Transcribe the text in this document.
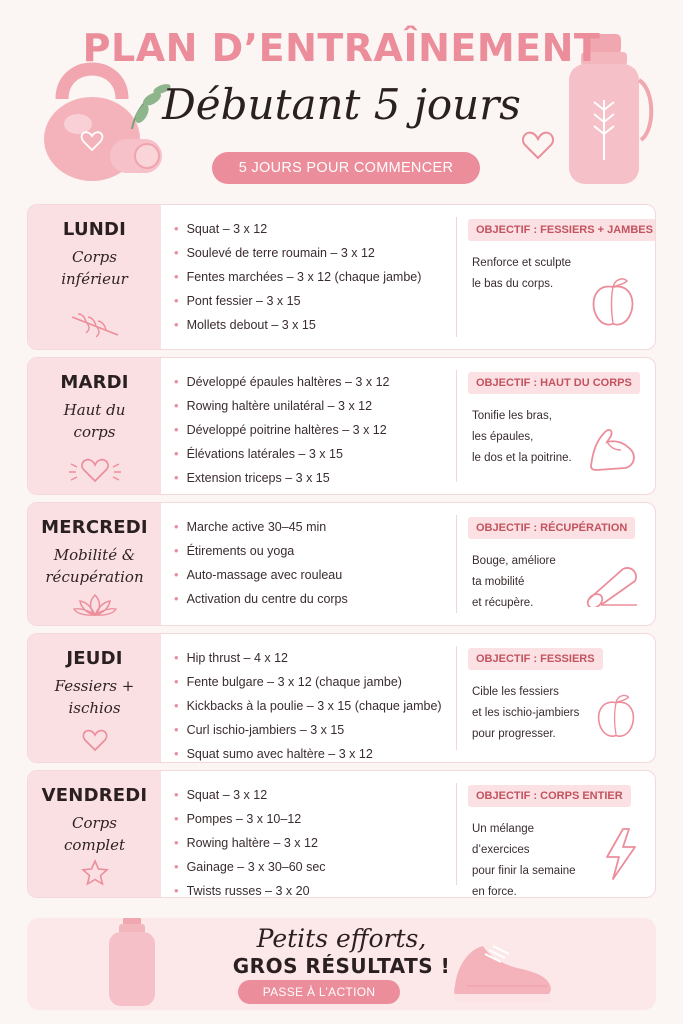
PLAN D’ENTRAÎNEMENT
Débutant 5 jours
5 JOURS POUR COMMENCER
LUNDI
Corps
inférieur
• Squat – 3 x 12
• Soulevé de terre roumain – 3 x 12
• Fentes marchées – 3 x 12 (chaque jambe)
• Pont fessier – 3 x 15
• Mollets debout – 3 x 15
OBJECTIF : FESSIERS + JAMBES
Renforce et sculpte
le bas du corps.
MARDI
Haut du
corps
• Développé épaules haltères – 3 x 12
• Rowing haltère unilatéral – 3 x 12
• Développé poitrine haltères – 3 x 12
• Élévations latérales – 3 x 15
• Extension triceps – 3 x 15
OBJECTIF : HAUT DU CORPS
Tonifie les bras,
les épaules,
le dos et la poitrine.
MERCREDI
Mobilité &
récupération
• Marche active 30–45 min
• Étirements ou yoga
• Auto-massage avec rouleau
• Activation du centre du corps
OBJECTIF : RÉCUPÉRATION
Bouge, améliore
ta mobilité
et récupère.
JEUDI
Fessiers +
ischios
• Hip thrust – 4 x 12
• Fente bulgare – 3 x 12 (chaque jambe)
• Kickbacks à la poulie – 3 x 15 (chaque jambe)
• Curl ischio-jambiers – 3 x 15
• Squat sumo avec haltère – 3 x 12
OBJECTIF : FESSIERS
Cible les fessiers
et les ischio-jambiers
pour progresser.
VENDREDI
Corps
complet
• Squat – 3 x 12
• Pompes – 3 x 10–12
• Rowing haltère – 3 x 12
• Gainage – 3 x 30–60 sec
• Twists russes – 3 x 20
OBJECTIF : CORPS ENTIER
Un mélange d’exercices
pour finir la semaine
en force.
Petits efforts,
GROS RÉSULTATS !
PASSE À L’ACTION
